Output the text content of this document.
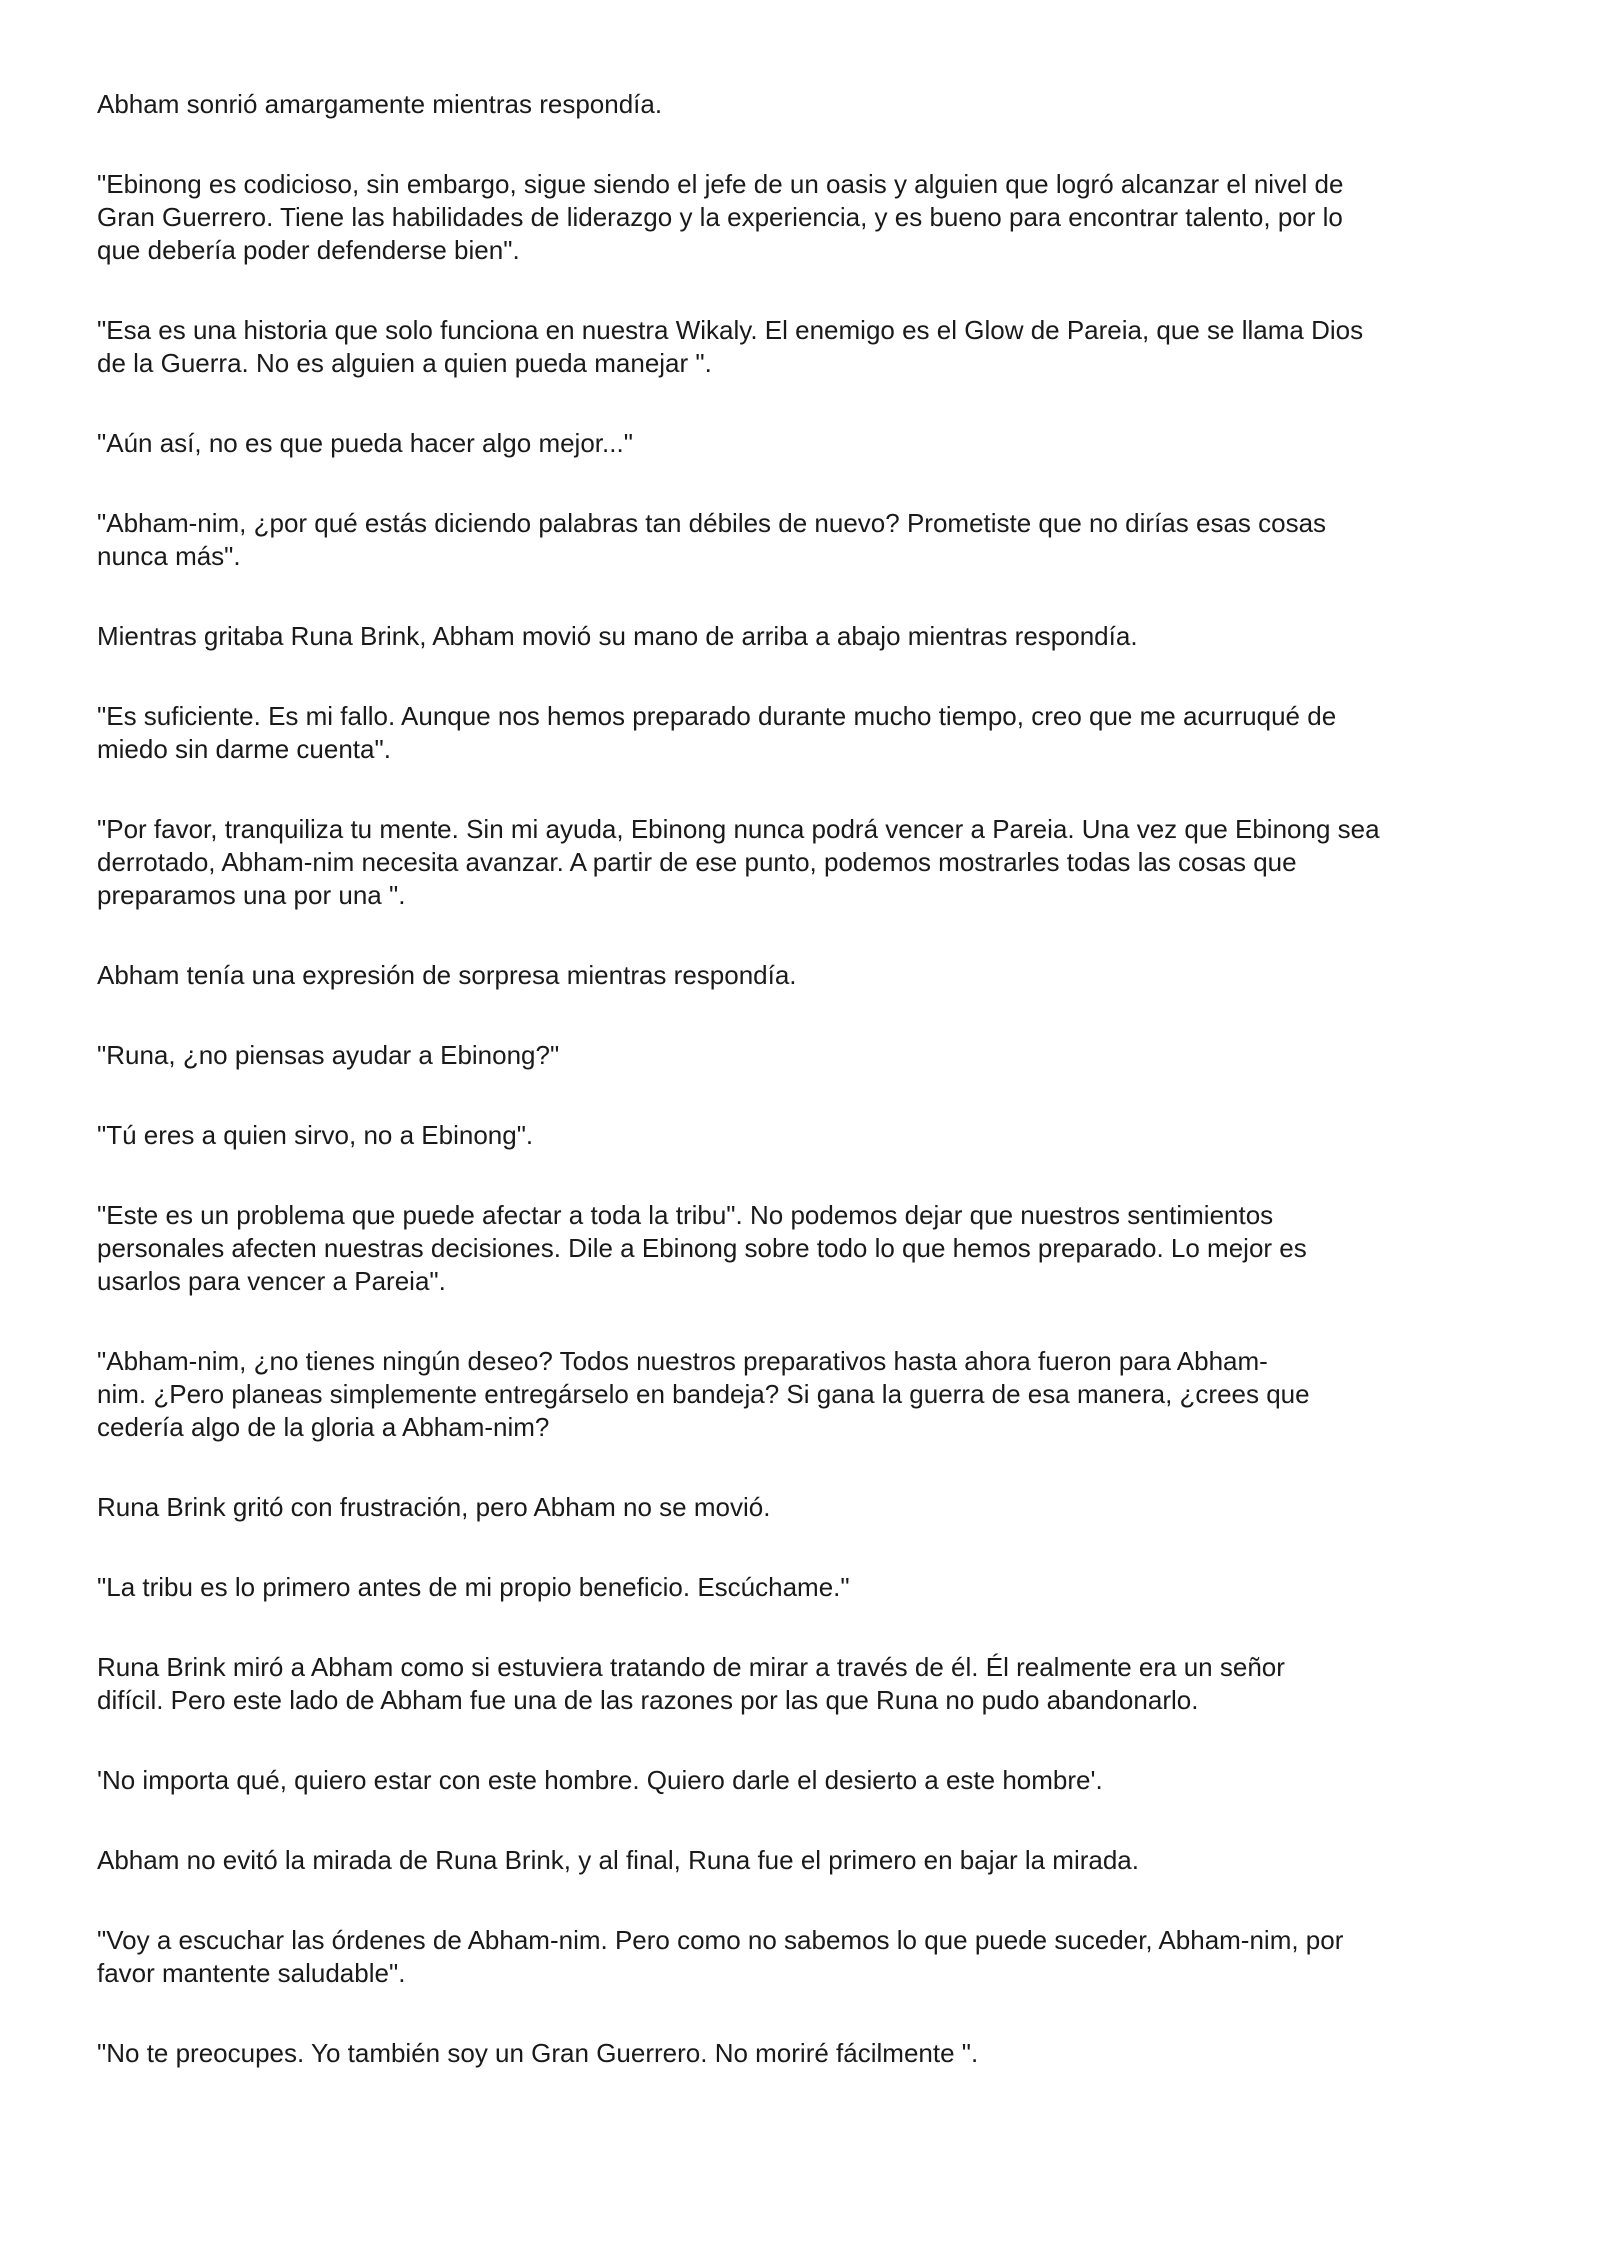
Abham sonrió amargamente mientras respondía.

"Ebinong es codicioso, sin embargo, sigue siendo el jefe de un oasis y alguien que logró alcanzar el nivel de
Gran Guerrero. Tiene las habilidades de liderazgo y la experiencia, y es bueno para encontrar talento, por lo
que debería poder defenderse bien".

"Esa es una historia que solo funciona en nuestra Wikaly. El enemigo es el Glow de Pareia, que se llama Dios
de la Guerra. No es alguien a quien pueda manejar ".

"Aún así, no es que pueda hacer algo mejor..."

"Abham-nim, ¿por qué estás diciendo palabras tan débiles de nuevo? Prometiste que no dirías esas cosas
nunca más".

Mientras gritaba Runa Brink, Abham movió su mano de arriba a abajo mientras respondía.

"Es suficiente. Es mi fallo. Aunque nos hemos preparado durante mucho tiempo, creo que me acurruqué de
miedo sin darme cuenta".

"Por favor, tranquiliza tu mente. Sin mi ayuda, Ebinong nunca podrá vencer a Pareia. Una vez que Ebinong sea
derrotado, Abham-nim necesita avanzar. A partir de ese punto, podemos mostrarles todas las cosas que
preparamos una por una ".

Abham tenía una expresión de sorpresa mientras respondía.

"Runa, ¿no piensas ayudar a Ebinong?"

"Tú eres a quien sirvo, no a Ebinong".

"Este es un problema que puede afectar a toda la tribu". No podemos dejar que nuestros sentimientos
personales afecten nuestras decisiones. Dile a Ebinong sobre todo lo que hemos preparado. Lo mejor es
usarlos para vencer a Pareia".

"Abham-nim, ¿no tienes ningún deseo? Todos nuestros preparativos hasta ahora fueron para Abham-
nim. ¿Pero planeas simplemente entregárselo en bandeja? Si gana la guerra de esa manera, ¿crees que
cedería algo de la gloria a Abham-nim?

Runa Brink gritó con frustración, pero Abham no se movió.

"La tribu es lo primero antes de mi propio beneficio. Escúchame."

Runa Brink miró a Abham como si estuviera tratando de mirar a través de él. Él realmente era un señor
difícil. Pero este lado de Abham fue una de las razones por las que Runa no pudo abandonarlo.

'No importa qué, quiero estar con este hombre. Quiero darle el desierto a este hombre'.

Abham no evitó la mirada de Runa Brink, y al final, Runa fue el primero en bajar la mirada.

"Voy a escuchar las órdenes de Abham-nim. Pero como no sabemos lo que puede suceder, Abham-nim, por
favor mantente saludable".

"No te preocupes. Yo también soy un Gran Guerrero. No moriré fácilmente ".
